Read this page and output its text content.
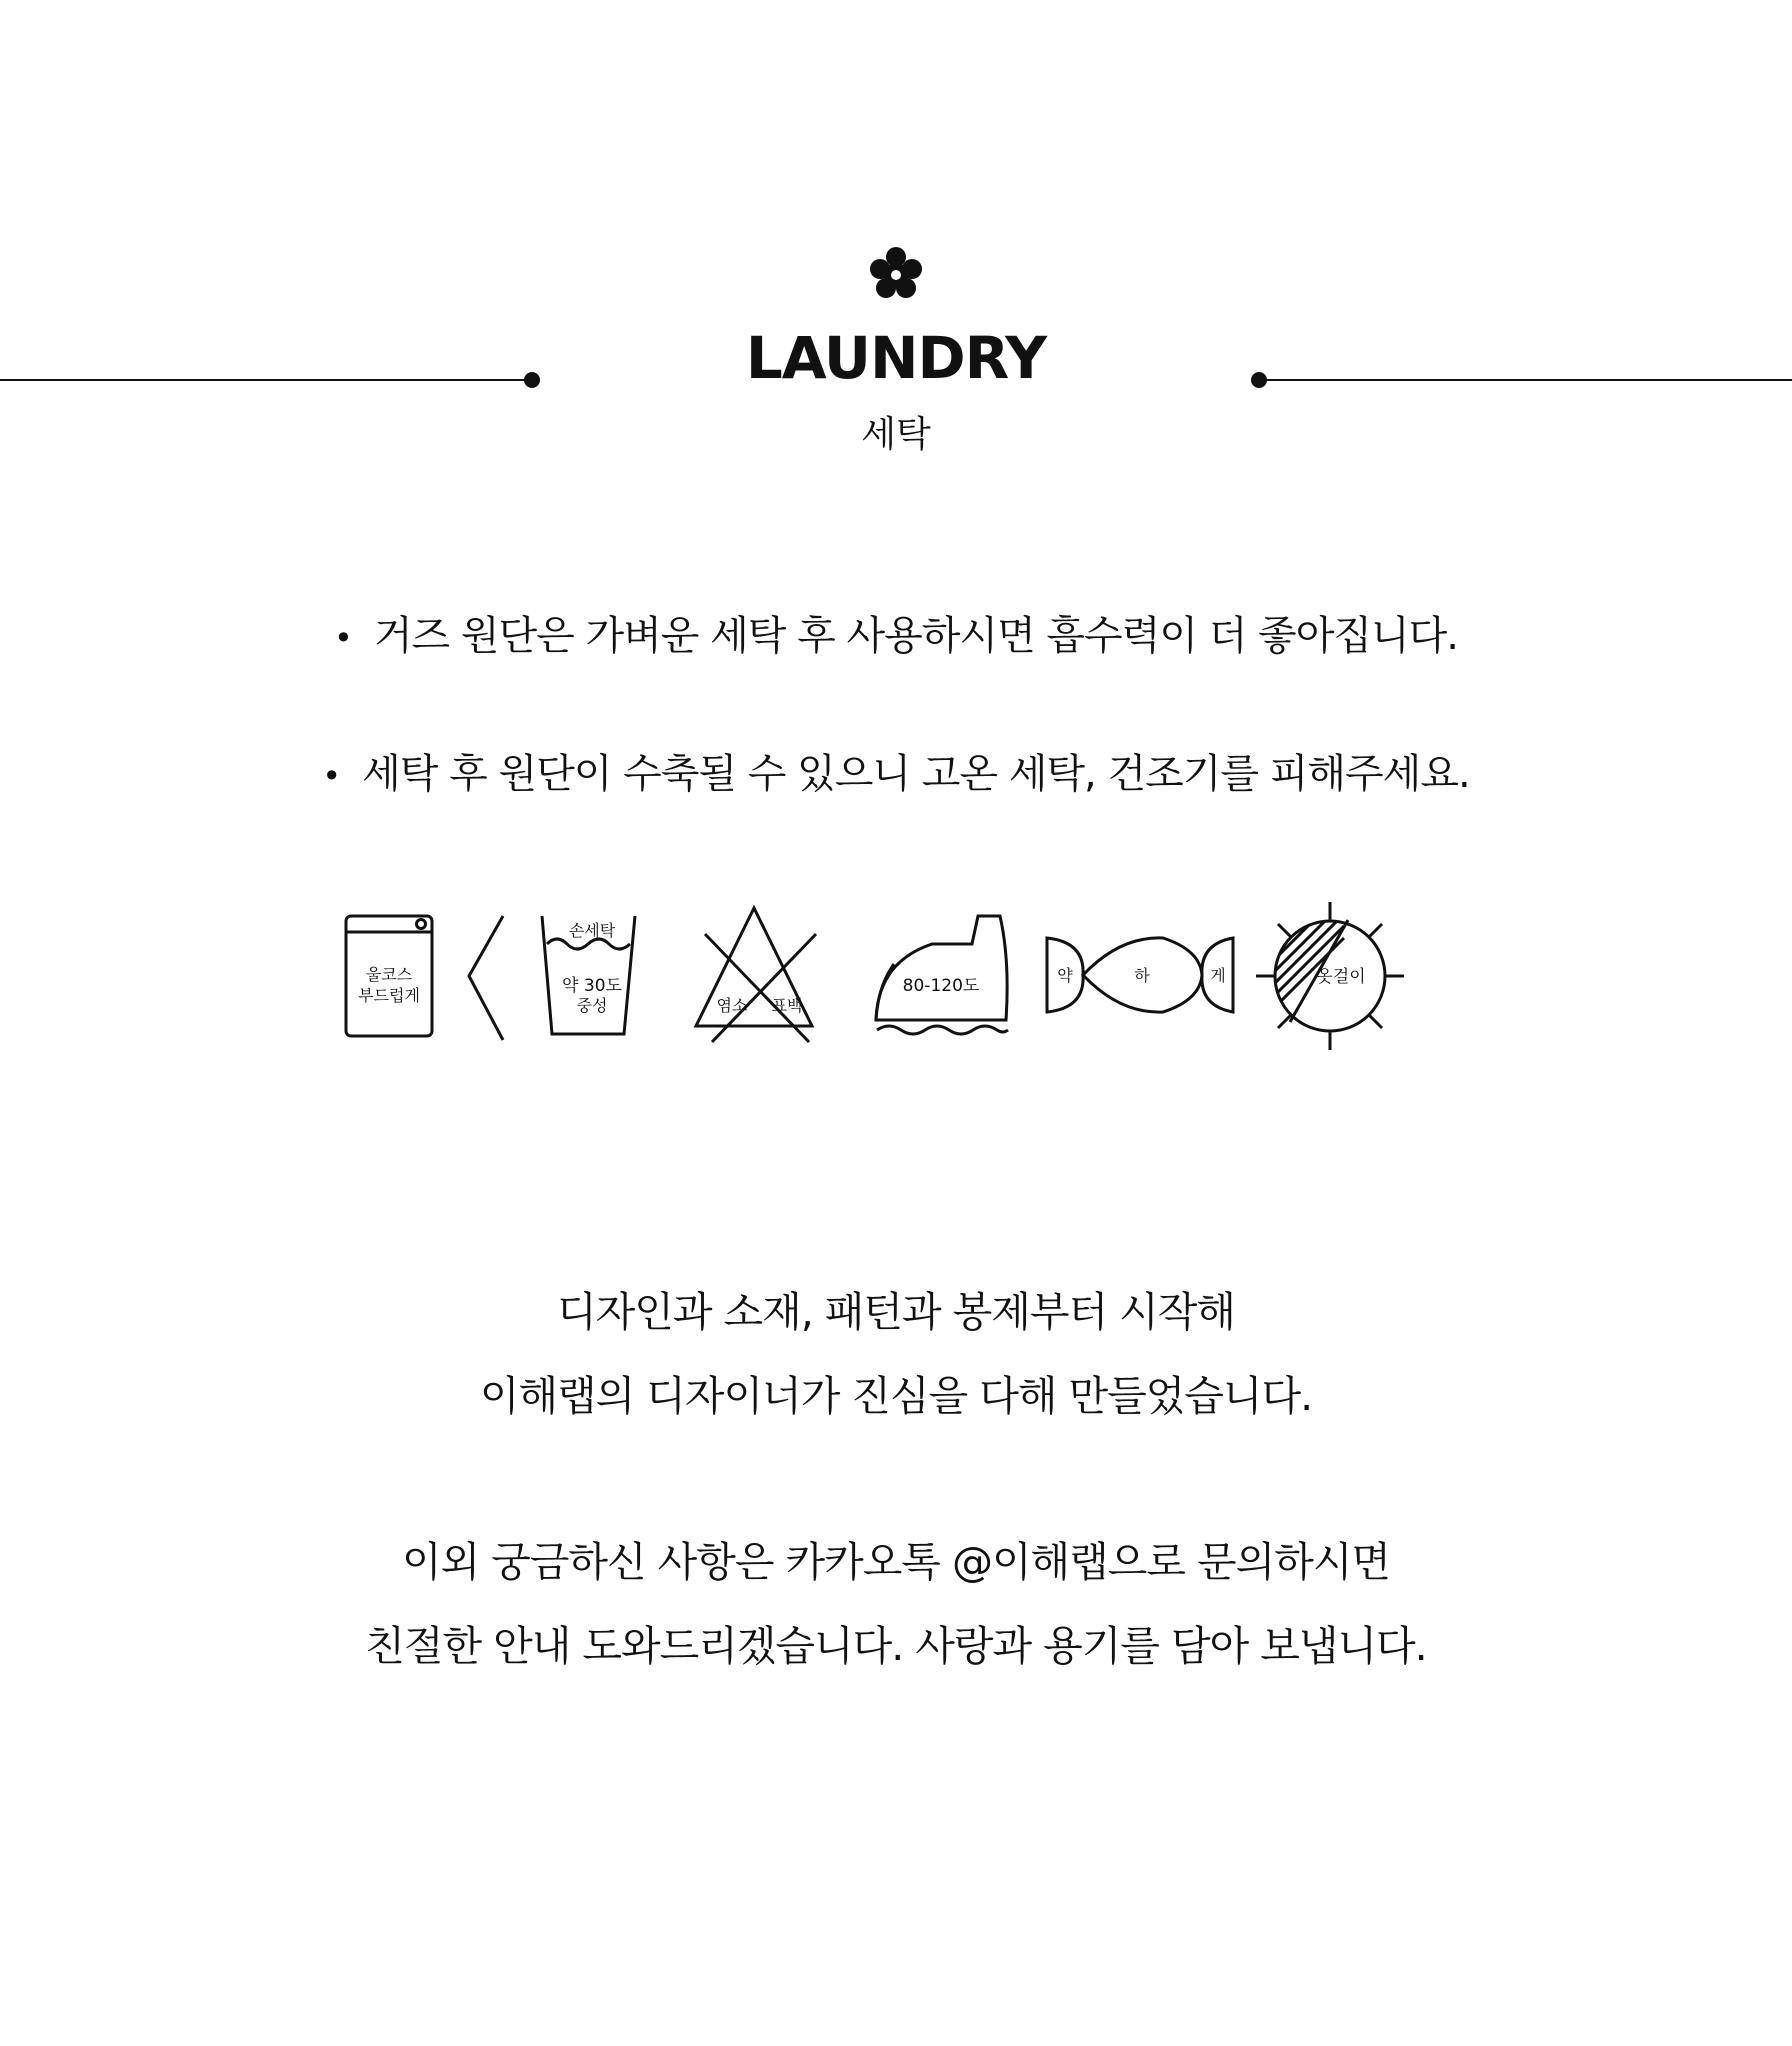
LAUNDRY
세탁
• 거즈 원단은 가벼운 세탁 후 사용하시면 흡수력이 더 좋아집니다.
• 세탁 후 원단이 수축될 수 있으니 고온 세탁, 건조기를 피해주세요.
울코스
부드럽게
손세탁
약 30도
중성	염소 표백
80-120도
약	하	게	옷걸이
디자인과 소재, 패턴과 봉제부터 시작해
이해랩의 디자이너가 진심을 다해 만들었습니다.
이외 궁금하신 사항은 카카오톡 @이해랩으로 문의하시면
친절한 안내 도와드리겠습니다. 사랑과 용기를 담아 보냅니다.
